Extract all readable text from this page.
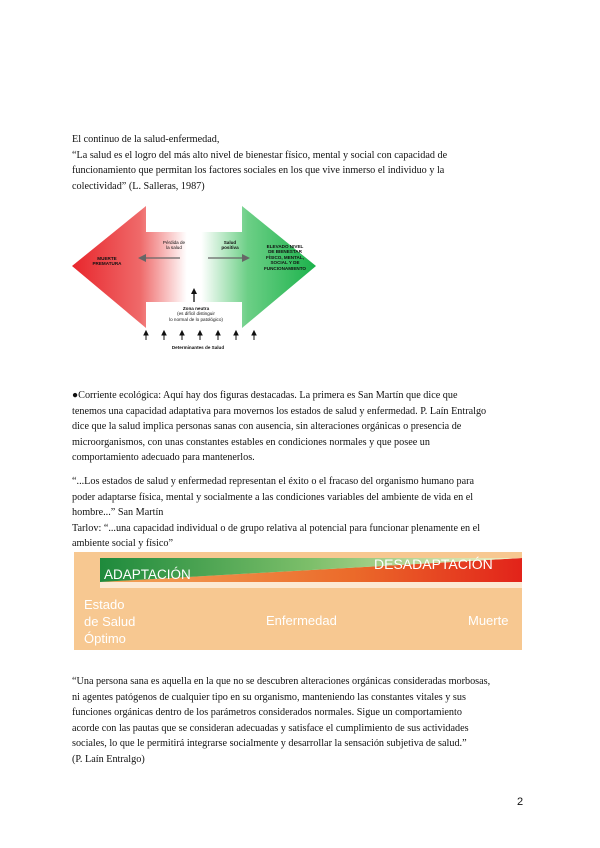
El continuo de la salud-enfermedad,
“La salud es el logro del más alto nivel de bienestar físico, mental y social con capacidad de
funcionamiento que permitan los factores sociales en los que vive inmerso el individuo y la
colectividad” (L. Salleras, 1987)
MUERTE
PREMATURA
Pérdida de
la salud
Salud
positiva	ELEVADO NIVEL
DE BIENESTAR
FÍSICO, MENTAL,
SOCIAL Y DE
FUNCIONAMIENTO
Zona neutra
(es difícil distinguir
lo normal de lo patológico)
Determinantes de Salud
●Corriente ecológica: Aquí hay dos figuras destacadas. La primera es San Martín que dice que
tenemos una capacidad adaptativa para movernos los estados de salud y enfermedad. P. Laín Entralgo
dice que la salud implica personas sanas con ausencia, sin alteraciones orgánicas o presencia de
microorganismos, con unas constantes estables en condiciones normales y que posee un
comportamiento adecuado para mantenerlos.
“...Los estados de salud y enfermedad representan el éxito o el fracaso del organismo humano para
poder adaptarse física, mental y socialmente a las condiciones variables del ambiente de vida en el
hombre...” San Martín
Tarlov: “...una capacidad individual o de grupo relativa al potencial para funcionar plenamente en el
ambiente social y físico”
ADAPTACIÓN
DESADAPTACIÓN
Estado
de Salud
Óptimo
Enfermedad	Muerte
“Una persona sana es aquella en la que no se descubren alteraciones orgánicas consideradas morbosas,
ni agentes patógenos de cualquier tipo en su organismo, manteniendo las constantes vitales y sus
funciones orgánicas dentro de los parámetros considerados normales. Sigue un comportamiento
acorde con las pautas que se consideran adecuadas y satisface el cumplimiento de sus actividades
sociales, lo que le permitirá integrarse socialmente y desarrollar la sensación subjetiva de salud.”
(P. Laín Entralgo)
2
